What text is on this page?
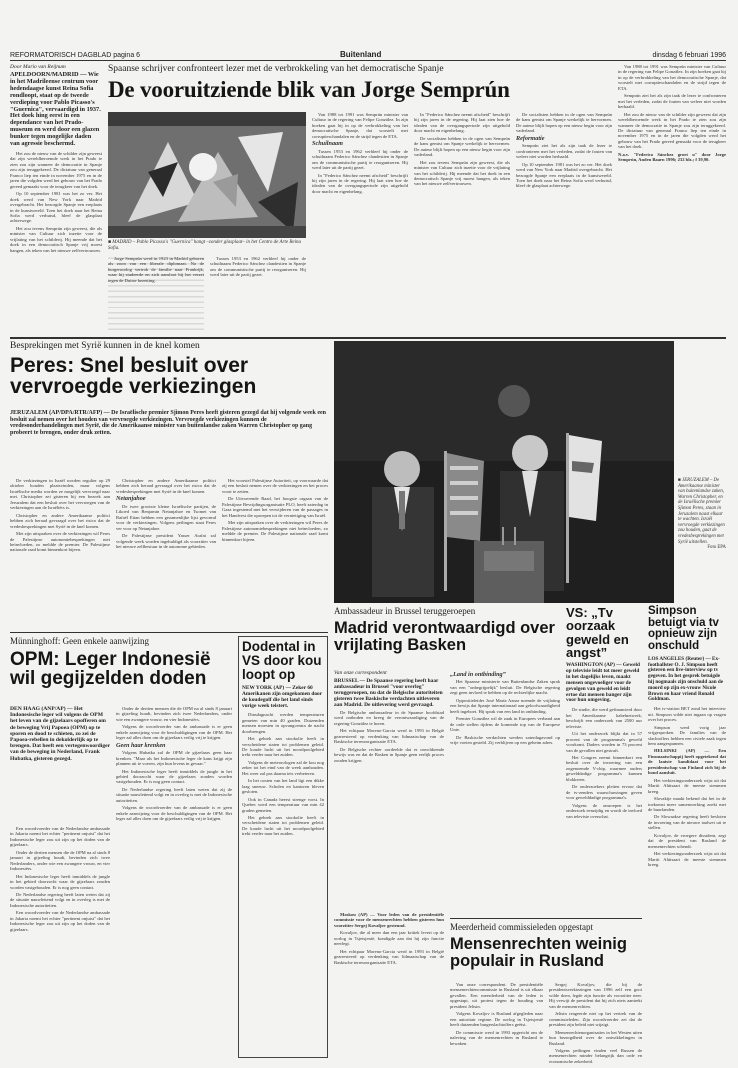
REFORMATORISCH DAGBLAD pagina 6	Buitenland	dinsdag 6 februari 1996
Door Mario van Reijnum
APELDOORN/MADRID — Wie in het Madrileense centrum voor hedendaagse kunst Reina Sofia rondloopt, staat op de tweede verdieping voor Pablo Picasso's "Guernica", vervaardigd in 1937. Het doek hing eerst in een dependance van het Prado-museum en werd door een glazen bunker tegen mogelijke daden van agressie beschermd.

Het zou de nieuw van de schilder zijn geweest dat zijn wereldberoemde werk in het Prado te zien zou zijn wanneer de democratie in Spanje zou zijn teruggekeerd. De dictatuur van generaal Franco liep ten einde in november 1975 en in de jaren die volgden werd het gebouw van het Prado gereed gemaakt voor de terugkeer van het doek.

Op 10 september 1981 was het zo ver. Het doek werd van New York naar Madrid overgebracht. Het bezorgde Spanje een ereplaats in de kunstwereld. Toen het doek naar het Reina Sofia werd verhuisd, bleef de glasplaat achterwege.

Het zou tevens Semprún zijn geweest, die als minister van Cultuur zich inzette voor de vrijlating van het schilderij. Hij meende dat het doek in een democratisch Spanje vrij moest hangen, als teken van het nieuwe zelfvertrouwen.

Spaanse schrijver confronteert lezer met de verbrokkeling van het democratische Spanje
De vooruitziende blik van Jorge Semprún
■ MADRID – Pablo Picasso's "Guernica" hangt –zonder glasplaat– in het Centro de Arte Reina Sofia.

Jorge Semprún werd in 1923 in Madrid geboren als zoon van een liberale diplomaat. Na de burgeroorlog vertrok de familie naar Frankrijk, waar hij studeerde en zich aansloot bij het verzet tegen de Duitse bezetting.

Tussen 1953 en 1962 verbleef hij onder de schuilnaam Federico Sánchez clandestien in Spanje om de communistische partij te reorganiseren. Hij werd later uit de partij gezet.

Van 1988 tot 1991 was Semprún minister van Cultuur in de regering van Felipe González. In zijn boeken gaat hij in op de verbrokkeling van het democratische Spanje, dat worstelt met corruptieschandalen en de strijd tegen de ETA.

Schuilnaam

Tussen 1953 en 1962 verbleef hij onder de schuilnaam Federico Sánchez clandestien in Spanje om de communistische partij te reorganiseren. Hij werd later uit de partij gezet.

In "Federico Sánchez neemt afscheid" beschrijft hij zijn jaren in de regering. Hij laat zien hoe de idealen van de overgangsperiode zijn uitgehold door macht en eigenbelang.

In "Federico Sánchez neemt afscheid" beschrijft hij zijn jaren in de regering. Hij laat zien hoe de idealen van de overgangsperiode zijn uitgehold door macht en eigenbelang.

De socialisten hebben in de ogen van Semprún de kans gemist om Spanje werkelijk te hervormen. De auteur blijft hopen op een nieuw begin voor zijn vaderland.

Het zou tevens Semprún zijn geweest, die als minister van Cultuur zich inzette voor de vrijlating van het schilderij. Hij meende dat het doek in een democratisch Spanje vrij moest hangen, als teken van het nieuwe zelfvertrouwen.

De socialisten hebben in de ogen van Semprún de kans gemist om Spanje werkelijk te hervormen. De auteur blijft hopen op een nieuw begin voor zijn vaderland.

Reformatie

Semprún ziet het als zijn taak de lezer te confronteren met het verleden, zodat de fouten van weleer niet worden herhaald.

Op 10 september 1981 was het zo ver. Het doek werd van New York naar Madrid overgebracht. Het bezorgde Spanje een ereplaats in de kunstwereld. Toen het doek naar het Reina Sofia werd verhuisd, bleef de glasplaat achterwege.

Van 1988 tot 1991 was Semprún minister van Cultuur in de regering van Felipe González. In zijn boeken gaat hij in op de verbrokkeling van het democratische Spanje, dat worstelt met corruptieschandalen en de strijd tegen de ETA.

Semprún ziet het als zijn taak de lezer te confronteren met het verleden, zodat de fouten van weleer niet worden herhaald.

Het zou de nieuw van de schilder zijn geweest dat zijn wereldberoemde werk in het Prado te zien zou zijn wanneer de democratie in Spanje zou zijn teruggekeerd. De dictatuur van generaal Franco liep ten einde in november 1975 en in de jaren die volgden werd het gebouw van het Prado gereed gemaakt voor de terugkeer van het doek.

N.a.v. "Federico Sánchez groet u" door Jorge Semprún, Anden Baarn 1996; 232 blz.; f 39,90.

Besprekingen met Syrië kunnen in de knel komen
Peres: Snel besluit over vervroegde verkiezingen
JERUZALEM (AP/DPA/RTR/AFP) — De Israëlische premier Sjimon Peres heeft gisteren gezegd dat hij volgende week een besluit zal nemen over het houden van vervroegde verkiezingen. Vervroegde verkiezingen kunnen de vredesonderhandelingen met Syrië, die de Amerikaanse minister van buitenlandse zaken Warren Christopher op gang probeert te brengen, onder druk zetten.

De verkiezingen in Israël worden regulier op 29 oktober houden plaatsvinden, maar volgens Israëlische media worden ze mogelijk vervroegd naar mei. Christopher zei gisteren bij een bezoek aan Jeruzalem dat een besluit over het vervroegen van de verkiezingen aan de Israëliërs is.

Christopher en andere Amerikaanse politici hebben zich beraad gevraagd over het risico dat de vredesbesprekingen met Syrië in de knel komen.

Met zijn uitspraken over de verkiezingen wil Peres de Palestijnse autonomiebesprekingen niet beïnvloeden, zo meldde de premier. De Palestijnse nationale raad komt binnenkort bijeen.

Christopher en andere Amerikaanse politici hebben zich beraad gevraagd over het risico dat de vredesbesprekingen met Syrië in de knel komen.

Netanjahoe

De twee grootste kleine Israëlische partijen, de Likoed van Benjamin Netanjahoe en Tsomet van Rafaël Eitan hebben een gezamenlijke lijst gevormd voor de verkiezingen. Volgens peilingen staat Peres ver voor op Netanjahoe.

De Palestijnse president Yasser Arafat zal volgende week worden ingehuldigd als voorzitter van het nieuwe zelfbestuur in de autonome gebieden.

Het voorstel Palestijnse Autoriteit, op voorwaarde dat zij een besluit nemen over de verkiezingen en het proces voort te zetten.

De Uitvoerende Raad, het hoogste orgaan van de Palestijnse Bevrijdingsorganisatie PLO, heeft zaterdag in Gaza ingestemd met het verwijderen van de passages in het Handvest die oproepen tot de vernietiging van Israël.

Met zijn uitspraken over de verkiezingen wil Peres de Palestijnse autonomiebesprekingen niet beïnvloeden, zo meldde de premier. De Palestijnse nationale raad komt binnenkort bijeen.

■ JERUZALEM – De Amerikaanse minister van buitenlandse zaken, Warren Christopher, en de Israëlische premier Sjimon Peres, staan in Jeruzalem naast elkaar te wachten. Israël vervroegde verkiezingen zou houden, gaat de vredesbesprekingen met Syrië uitstellen.
Foto EPA
Münninghoff: Geen enkele aanwijzing
OPM: Leger Indonesië wil gegijzelden doden
DEN HAAG (ANP/AP) — Het Indonesische leger wil volgens de OPM het leven van de gijzelaars opofferen om de beweging Vrij Papoea (OPM) op te sporen en dood te schieten, zo zei de Papoea-rebellen in dekolderlijk op te brengen. Dat heeft een vertegenwoordiger van de beweging in Nederland, Frank Hubatka, gisteren gezegd.

Een woordvoerder van de Nederlandse ambassade in Jakarta noemt het echter "pertinent onjuist" dat het Indonesische leger zou uit zijn op het doden van de gijzelaars.

Onder de dertien mensen die de OPM na al sinds 8 januari in gijzeling houdt, bevinden zich twee Nederlanders, onder wie een zwangere vrouw, en vier Indonesiërs.

Het Indonesische leger heeft inmiddels de jungle in het gebied doorzocht waar de gijzelaars zouden worden vastgehouden. Er is nog geen contact.

De Nederlandse regering heeft laten weten dat zij de situatie nauwlettend volgt en in overleg is met de Indonesische autoriteiten.

Een woordvoerder van de Nederlandse ambassade in Jakarta noemt het echter "pertinent onjuist" dat het Indonesische leger zou uit zijn op het doden van de gijzelaars.

Onder de dertien mensen die de OPM na al sinds 8 januari in gijzeling houdt, bevinden zich twee Nederlanders, onder wie een zwangere vrouw, en vier Indonesiërs.

Volgens de woordvoerder van de ambassade is er geen enkele aanwijzing voor de beschuldigingen van de OPM. Het leger zal alles doen om de gijzelaars veilig vrij te krijgen.

Geen haar krenken

Volgens Hubatka zal de OPM de gijzelaars geen haar krenken. "Maar als het Indonesische leger de kans krijgt zijn plannen uit te voeren, zijn hun levens in gevaar."

Het Indonesische leger heeft inmiddels de jungle in het gebied doorzocht waar de gijzelaars zouden worden vastgehouden. Er is nog geen contact.

De Nederlandse regering heeft laten weten dat zij de situatie nauwlettend volgt en in overleg is met de Indonesische autoriteiten.

Volgens de woordvoerder van de ambassade is er geen enkele aanwijzing voor de beschuldigingen van de OPM. Het leger zal alles doen om de gijzelaars veilig vrij te krijgen.

Dodental in VS door kou loopt op
NEW YORK (AP) — Zeker 60 Amerikanen zijn omgekomen door de koudegolf die het land sinds vorige week teistert.

Dinsdagnacht werden temperaturen gemeten van min 40 graden. Duizenden mensen moesten in opvangcentra de nacht doorbrengen.

Het gebrek aan stookolie heeft in verscheidene staten tot problemen geleid. De koude lucht uit het noordpoolgebied trekt verder naar het zuiden.

Volgens de meteorologen zal de kou nog zeker tot het eind van de week aanhouden. Het weer zal pas daarna iets verbeteren.

In het oosten van het land ligt een dikke laag sneeuw. Scholen en kantoren bleven gesloten.

Ook in Canada heerst strenge vorst. In Quebec werd een temperatuur van min 42 graden gemeten.

Het gebrek aan stookolie heeft in verscheidene staten tot problemen geleid. De koude lucht uit het noordpoolgebied trekt verder naar het zuiden.

Ambassadeur in Brussel teruggeroepen
Madrid verontwaardigd over vrijlating Basken
Van onze correspondent
BRUSSEL — De Spaanse regering heeft haar ambassadeur in Brussel "voor overleg" teruggeroepen, nu dat de Belgische autoriteiten gisteren twee Baskische verdachten uitleveren aan Madrid. De uitlevering werd gevraagd.

De Belgische ambassadeur in de Spaanse hoofdstad werd ontboden en kreeg de verontwaardiging van de regering-González te horen.

Het echtpaar Moreno-Garcia werd in 1993 in België gearresteerd op verdenking van lidmaatschap van de Baskische terreurorganisatie ETA.

De Belgische rechter oordeelde dat er onvoldoende bewijs was en dat de Basken in Spanje geen eerlijk proces zouden krijgen.

„Land in ontbinding”

Het Spaanse ministerie van Buitenlandse Zaken sprak van een "onbegrijpelijk" besluit. De Belgische regering zegt geen invloed te hebben op de rechterlijke macht.

Oppositieleider José María Aznar noemde de vrijlating een bewijs dat Spanje internationaal aan geloofwaardigheid heeft ingeboet. Hij sprak van een land in ontbinding.

Premier González wil de zaak in Europees verband aan de orde stellen tijdens de komende top van de Europese Unie.

De Baskische verdachten werden zaterdagavond op vrije voeten gesteld. Zij verblijven op een geheim adres.

Moskou (AP) — Voor leden van de presidentiële commissie voor de mensenrechten hebben gisteren hun voorzitter Sergej Kovaljov gesteund.

Kovaljov, die al meer dan een jaar kritiek levert op de oorlog in Tsjetsjenië, kondigde aan dat hij zijn functie neerlegt.

Het echtpaar Moreno-Garcia werd in 1993 in België gearresteerd op verdenking van lidmaatschap van de Baskische terreurorganisatie ETA.

VS: „Tv oorzaak geweld en angst”
WASHINGTON (AP) — Geweld op televisie leidt tot meer geweld in het dagelijks leven, maakt mensen ongevoeliger voor de gevolgen van geweld en leidt ertoe dat mensen banger zijn voor hun omgeving.

De studie, die werd gefinancierd door het Amerikaanse kabelnetwerk, beschrijft een onderzoek van 2500 uur televisie.

Uit het onderzoek blijkt dat in 57 procent van de programma's geweld voorkomt. Daders worden in 73 procent van de gevallen niet gestraft.

Het Congres neemt binnenkort een besluit over de invoering van een zogenoemde V-chip, waarmee ouders gewelddadige programma's kunnen blokkeren.

De onderzoekers pleiten ervoor dat de tv-zenders waarschuwingen geven voor gewelddadige programma's.

Volgens de omroepen is het onderzoek eenzijdig en wordt de invloed van televisie overschat.

Simpson betuigt via tv opnieuw zijn onschuld
LOS ANGELES (Reuter) — Ex-footballster O. J. Simpson heeft gisteren een live-interview op tv gegeven. In het gesprek betuigde hij nogmaals zijn onschuld aan de moord op zijn ex-vrouw Nicole Brown en haar vriend Ronald Goldman.

Het tv-station BET zond het interview uit. Simpson wilde niet ingaan op vragen over het proces.

Simpson werd vorig jaar vrijgesproken. De families van de slachtoffers hebben een civiele zaak tegen hem aangespannen.

HELSINKI (AP) — Een Finsmaatschappij heeft opgetekend dat de laatste kandidaat voor het presidentschap van Finland zich bij de bond aansluit.

Het verkiezingsonderzoek wijst uit dat Martti Ahtisaari de meeste stemmen kreeg.

Slovakije maakt bekend dat het in de toekomst meer samenwerking zoekt met de buurlanden.

De Slowaakse regering heeft besloten de invoering van de nieuwe taalwet uit te stellen.

Kovaljov, de vroegere dissident, zegt dat de president van Rusland de mensenrechten schendt.

Het verkiezingsonderzoek wijst uit dat Martti Ahtisaari de meeste stemmen kreeg.

Meerderheid commissieleden opgestapt
Mensenrechten weinig populair in Rusland

Van onze correspondent. De presidentiële mensenrechtencommissie in Rusland is uit elkaar gevallen. Een meerderheid van de leden is opgestapt, uit protest tegen de houding van president Jeltsin.

Volgens Kovaljov is Rusland afgegleden naar een autoritair regime. De oorlog in Tsjetsjenië heeft duizenden burgerslachtoffers geëist.

De commissie werd in 1993 opgericht om de naleving van de mensenrechten in Rusland te bewaken.

Sergej Kovaljov, die bij de presidentsverkiezingen van 1996 zelf een gooi wilde doen, legde zijn functie als voorzitter neer. Hij verwijt de president dat hij zich niets aantrekt van de mensenrechten.

Jeltsin reageerde niet op het vertrek van de commissieleden. Zijn woordvoerder zei dat de president zijn beleid niet wijzigt.

Mensenrechtenorganisaties in het Westen uiten hun bezorgdheid over de ontwikkelingen in Rusland.

Volgens peilingen vinden veel Russen de mensenrechten minder belangrijk dan orde en economische zekerheid.
